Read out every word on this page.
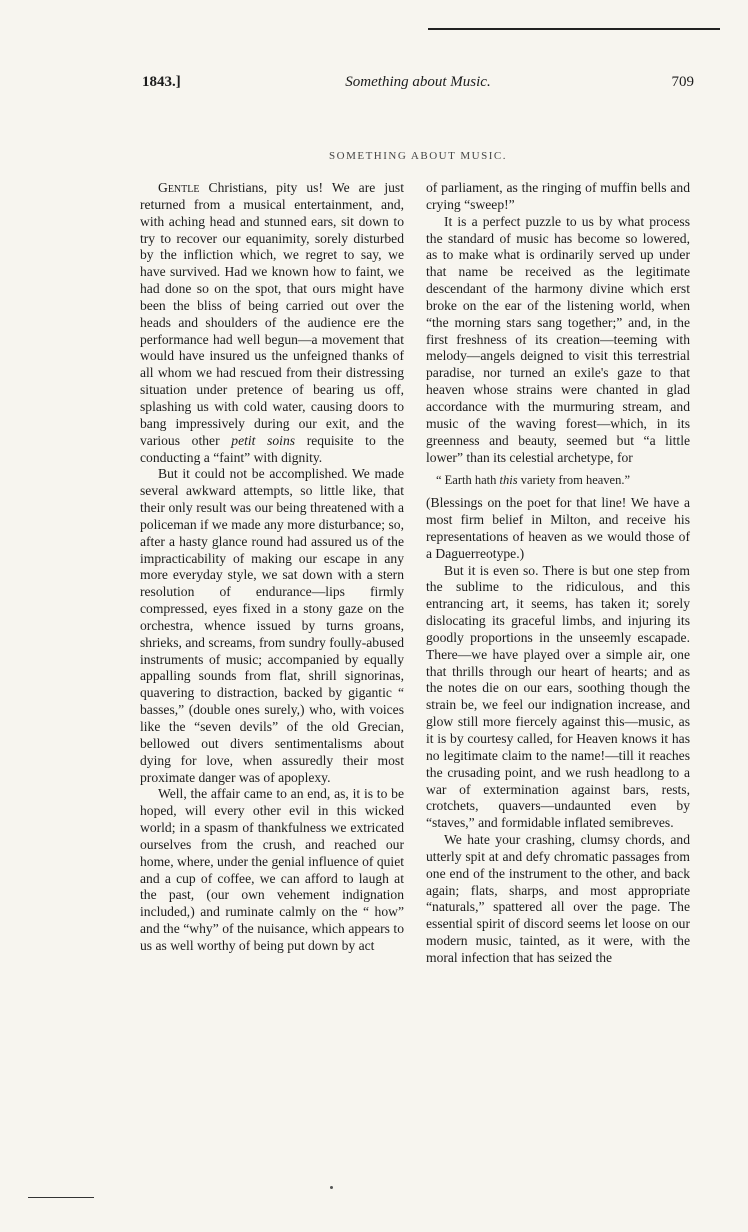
1843.]	Something about Music.	709
SOMETHING ABOUT MUSIC.

Gentle Christians, pity us! We are just returned from a musical entertainment, and, with aching head and stunned ears, sit down to try to recover our equanimity, sorely disturbed by the infliction which, we regret to say, we have survived. Had we known how to faint, we had done so on the spot, that ours might have been the bliss of being carried out over the heads and shoulders of the audience ere the performance had well begun—a movement that would have insured us the unfeigned thanks of all whom we had rescued from their distressing situation under pretence of bearing us off, splashing us with cold water, causing doors to bang impressively during our exit, and the various other petit soins requisite to the conducting a “faint” with dignity.

But it could not be accomplished. We made several awkward attempts, so little like, that their only result was our being threatened with a policeman if we made any more disturbance; so, after a hasty glance round had assured us of the impracticability of making our escape in any more everyday style, we sat down with a stern resolution of endurance—lips firmly compressed, eyes fixed in a stony gaze on the orchestra, whence issued by turns groans, shrieks, and screams, from sundry foully-abused instruments of music; accompanied by equally appalling sounds from flat, shrill signorinas, quavering to distraction, backed by gigantic “ basses,” (double ones surely,) who, with voices like the “seven devils” of the old Grecian, bellowed out divers sentimentalisms about dying for love, when assuredly their most proximate danger was of apoplexy.

Well, the affair came to an end, as, it is to be hoped, will every other evil in this wicked world; in a spasm of thankfulness we extricated ourselves from the crush, and reached our home, where, under the genial influence of quiet and a cup of coffee, we can afford to laugh at the past, (our own vehement indignation included,) and ruminate calmly on the “ how” and the “why” of the nuisance, which appears to us as well worthy of being put down by act

of parliament, as the ringing of muffin bells and crying “sweep!”

It is a perfect puzzle to us by what process the standard of music has become so lowered, as to make what is ordinarily served up under that name be received as the legitimate descendant of the harmony divine which erst broke on the ear of the listening world, when “the morning stars sang together;” and, in the first freshness of its creation—teeming with melody—angels deigned to visit this terrestrial paradise, nor turned an exile's gaze to that heaven whose strains were chanted in glad accordance with the murmuring stream, and music of the waving forest—which, in its greenness and beauty, seemed but “a little lower” than its celestial archetype, for

“ Earth hath this variety from heaven.”

(Blessings on the poet for that line! We have a most firm belief in Milton, and receive his representations of heaven as we would those of a Daguerreotype.)

But it is even so. There is but one step from the sublime to the ridiculous, and this entrancing art, it seems, has taken it; sorely dislocating its graceful limbs, and injuring its goodly proportions in the unseemly escapade. There—we have played over a simple air, one that thrills through our heart of hearts; and as the notes die on our ears, soothing though the strain be, we feel our indignation increase, and glow still more fiercely against this—music, as it is by courtesy called, for Heaven knows it has no legitimate claim to the name!—till it reaches the crusading point, and we rush headlong to a war of extermination against bars, rests, crotchets, quavers—undaunted even by “staves,” and formidable inflated semibreves.

We hate your crashing, clumsy chords, and utterly spit at and defy chromatic passages from one end of the instrument to the other, and back again; flats, sharps, and most appropriate “naturals,” spattered all over the page. The essential spirit of discord seems let loose on our modern music, tainted, as it were, with the moral infection that has seized the
